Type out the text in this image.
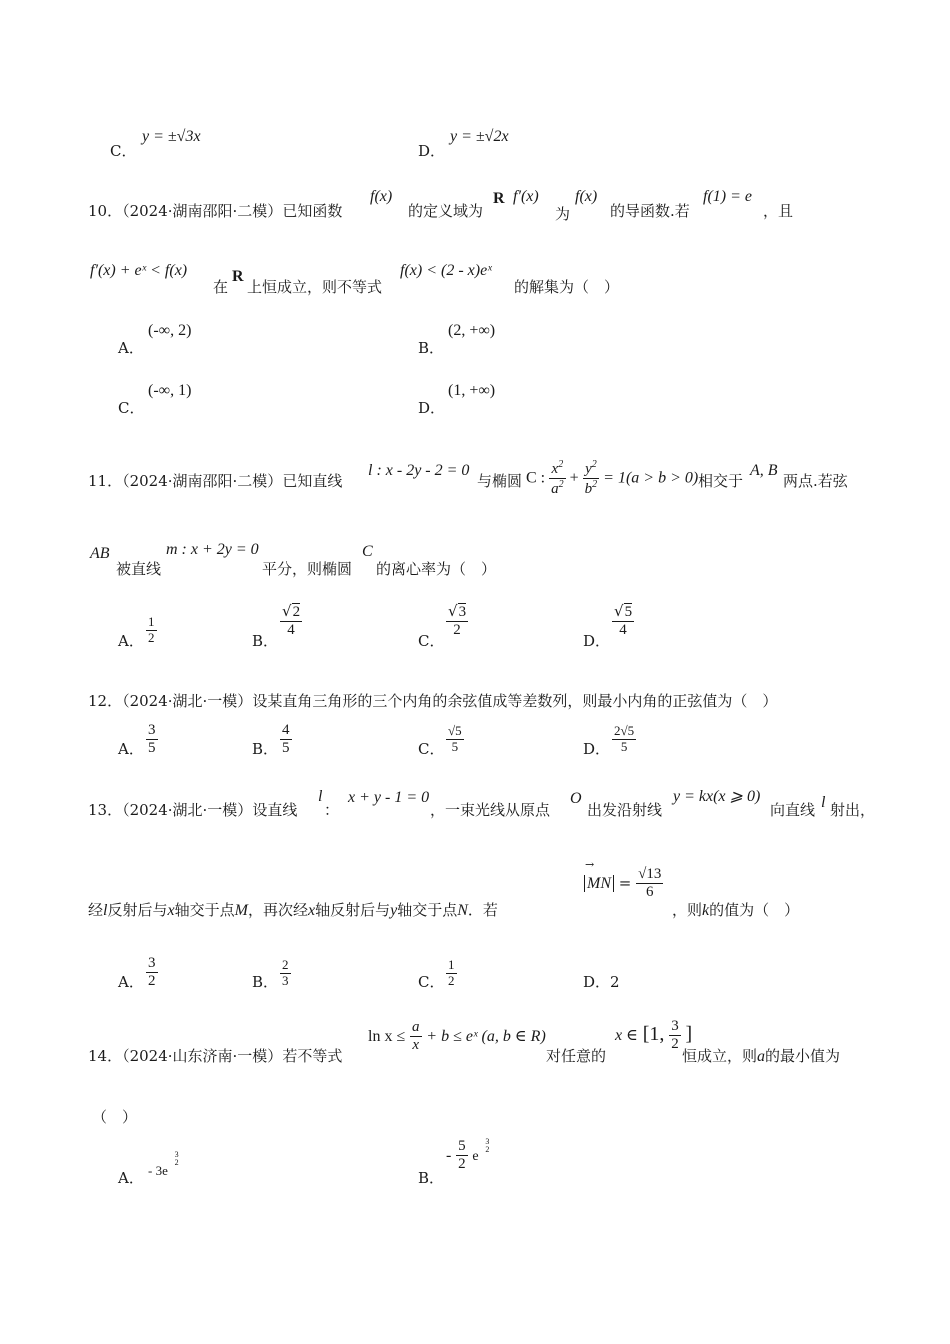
C．
y = ±√3x
D．
y = ±√2x
10．（2024·湖南邵阳·二模）已知函数
f(x)
的定义域为
R f′(x)
为
f(x)
的导函数.若
f(1) = e
，且
f′(x) + eˣ < f(x)
在
R
上恒成立，则不等式
f(x) < (2 - x)eˣ
的解集为（　）
A．
(-∞, 2)
B．
(2, +∞)
C．
(-∞, 1)
D．
(1, +∞)
11．（2024·湖南邵阳·二模）已知直线
l : x - 2y - 2 = 0
与椭圆 C : $\frac{x^2}{a^2} + \frac{y^2}{b^2} = 1(a > b > 0)$ 相交于
A, B
两点.若弦
AB
被直线
m : x + 2y = 0
平分，则椭圆
C
的离心率为（　）
A． $\frac{1}{2}$	B．
$\frac{√2}{4}$
C．
$\frac{√3}{2}$
D．
$\frac{√5}{4}$
12．（2024·湖北·一模）设某直角三角形的三个内角的余弦值成等差数列，则最小内角的正弦值为（　）
A． $\frac{3}{5}$	B． $\frac{4}{5}$	C． $\frac{√5}{5}$	D． $\frac{2√5}{5}$
13．（2024·湖北·一模）设直线
l
：
x + y - 1 = 0
，一束光线从原点
O
出发沿射线
y = kx(x ⩾ 0)
向直线 l 射出，
经l反射后与x轴交于点M，再次经x轴反射后与y轴交于点N．若
→
MN = $\frac{√13}{6}$
，则k的值为（　）
A． $\frac{3}{2}$	B． $\frac{2}{3}$	C． $\frac{1}{2}$	D．2
14．（2024·山东济南·一模）若不等式
$\ln x \le \frac{a}{x} + b$ ≤ eˣ (a, b ∈ R)
对任意的
x ∈ [1, $\frac{3}{2}$ ]
恒成立，则a的最小值为
（　）
A． - 3e
3
2
B．
- $\frac{5}{2}$ e
3
2
